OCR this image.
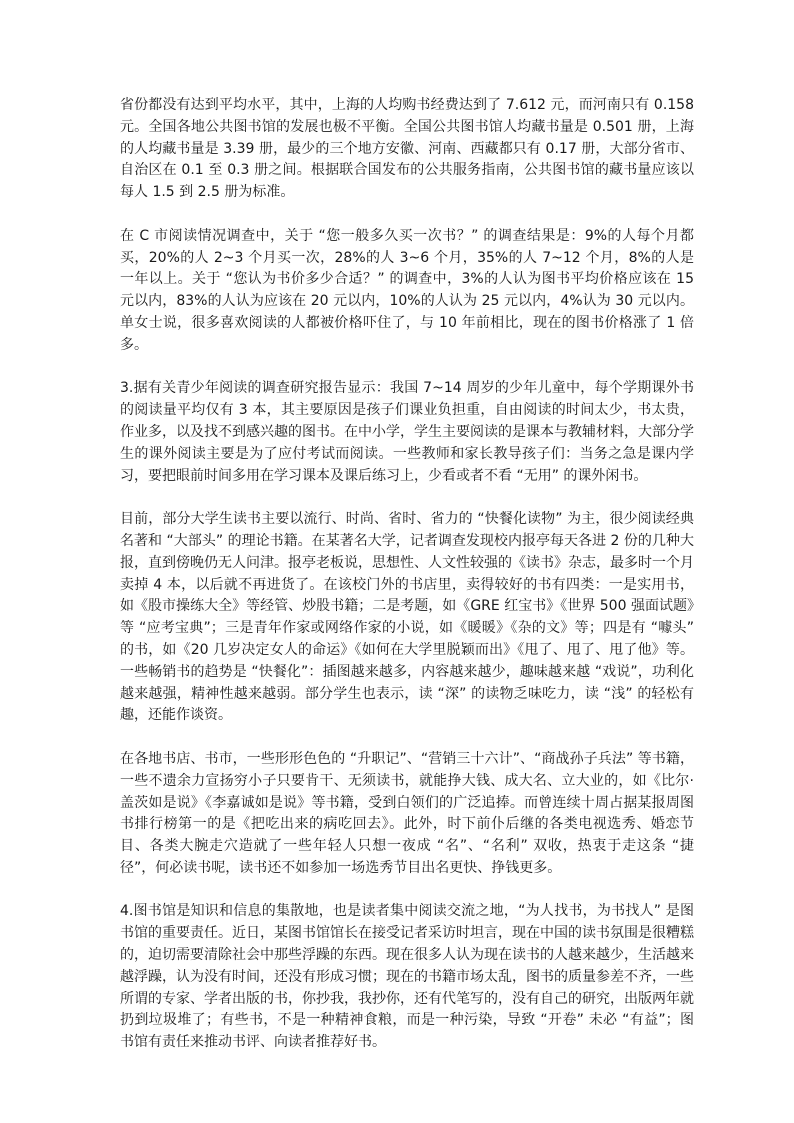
省份都没有达到平均水平，其中，上海的人均购书经费达到了 7.612 元，而河南只有 0.158元。全国各地公共图书馆的发展也极不平衡。全国公共图书馆人均藏书量是 0.501 册，上海的人均藏书量是 3.39 册，最少的三个地方安徽、河南、西藏都只有 0.17 册，大部分省市、自治区在 0.1 至 0.3 册之间。根据联合国发布的公共服务指南，公共图书馆的藏书量应该以每人 1.5 到 2.5 册为标准。

在 C 市阅读情况调查中，关于 “您一般多久买一次书？” 的调查结果是：9%的人每个月都买，20%的人 2~3 个月买一次，28%的人 3~6 个月，35%的人 7~12 个月，8%的人是一年以上。关于 “您认为书价多少合适？” 的调查中，3%的人认为图书平均价格应该在 15 元以内，83%的人认为应该在 20 元以内，10%的人认为 25 元以内，4%认为 30 元以内。单女士说，很多喜欢阅读的人都被价格吓住了，与 10 年前相比，现在的图书价格涨了 1 倍多。

3.据有关青少年阅读的调查研究报告显示：我国 7~14 周岁的少年儿童中，每个学期课外书的阅读量平均仅有 3 本，其主要原因是孩子们课业负担重，自由阅读的时间太少，书太贵，作业多，以及找不到感兴趣的图书。在中小学，学生主要阅读的是课本与教辅材料，大部分学生的课外阅读主要是为了应付考试而阅读。一些教师和家长教导孩子们：当务之急是课内学习，要把眼前时间多用在学习课本及课后练习上，少看或者不看 “无用” 的课外闲书。

目前，部分大学生读书主要以流行、时尚、省时、省力的 “快餐化读物” 为主，很少阅读经典名著和 “大部头” 的理论书籍。在某著名大学，记者调查发现校内报亭每天各进 2 份的几种大报，直到傍晚仍无人问津。报亭老板说，思想性、人文性较强的《读书》杂志，最多时一个月卖掉 4 本，以后就不再进货了。在该校门外的书店里，卖得较好的书有四类：一是实用书，如《股市操练大全》等经管、炒股书籍；二是考题，如《GRE 红宝书》《世界 500 强面试题》等 “应考宝典”；三是青年作家或网络作家的小说，如《暖暖》《杂的文》等；四是有 “噱头” 的书，如《20 几岁决定女人的命运》《如何在大学里脱颖而出》《甩了、甩了、甩了他》等。一些畅销书的趋势是 “快餐化”：插图越来越多，内容越来越少，趣味越来越 “戏说”，功利化越来越强，精神性越来越弱。部分学生也表示，读 “深” 的读物乏味吃力，读 “浅” 的轻松有趣，还能作谈资。

在各地书店、书市，一些形形色色的 “升职记”、“营销三十六计”、“商战孙子兵法” 等书籍，一些不遗余力宣扬穷小子只要肯干、无须读书，就能挣大钱、成大名、立大业的，如《比尔·盖茨如是说》《李嘉诚如是说》等书籍，受到白领们的广泛追捧。而曾连续十周占据某报周图书排行榜第一的是《把吃出来的病吃回去》。此外，时下前仆后继的各类电视选秀、婚恋节目、各类大腕走穴造就了一些年轻人只想一夜成 “名”、“名利” 双收，热衷于走这条 “捷径”，何必读书呢，读书还不如参加一场选秀节目出名更快、挣钱更多。

4.图书馆是知识和信息的集散地，也是读者集中阅读交流之地，“为人找书，为书找人” 是图书馆的重要责任。近日，某图书馆馆长在接受记者采访时坦言，现在中国的读书氛围是很糟糕的，迫切需要清除社会中那些浮躁的东西。现在很多人认为现在读书的人越来越少，生活越来越浮躁，认为没有时间，还没有形成习惯；现在的书籍市场太乱，图书的质量参差不齐，一些所谓的专家、学者出版的书，你抄我，我抄你，还有代笔写的，没有自己的研究，出版两年就扔到垃圾堆了；有些书，不是一种精神食粮，而是一种污染，导致 “开卷” 未必 “有益”；图书馆有责任来推动书评、向读者推荐好书。
